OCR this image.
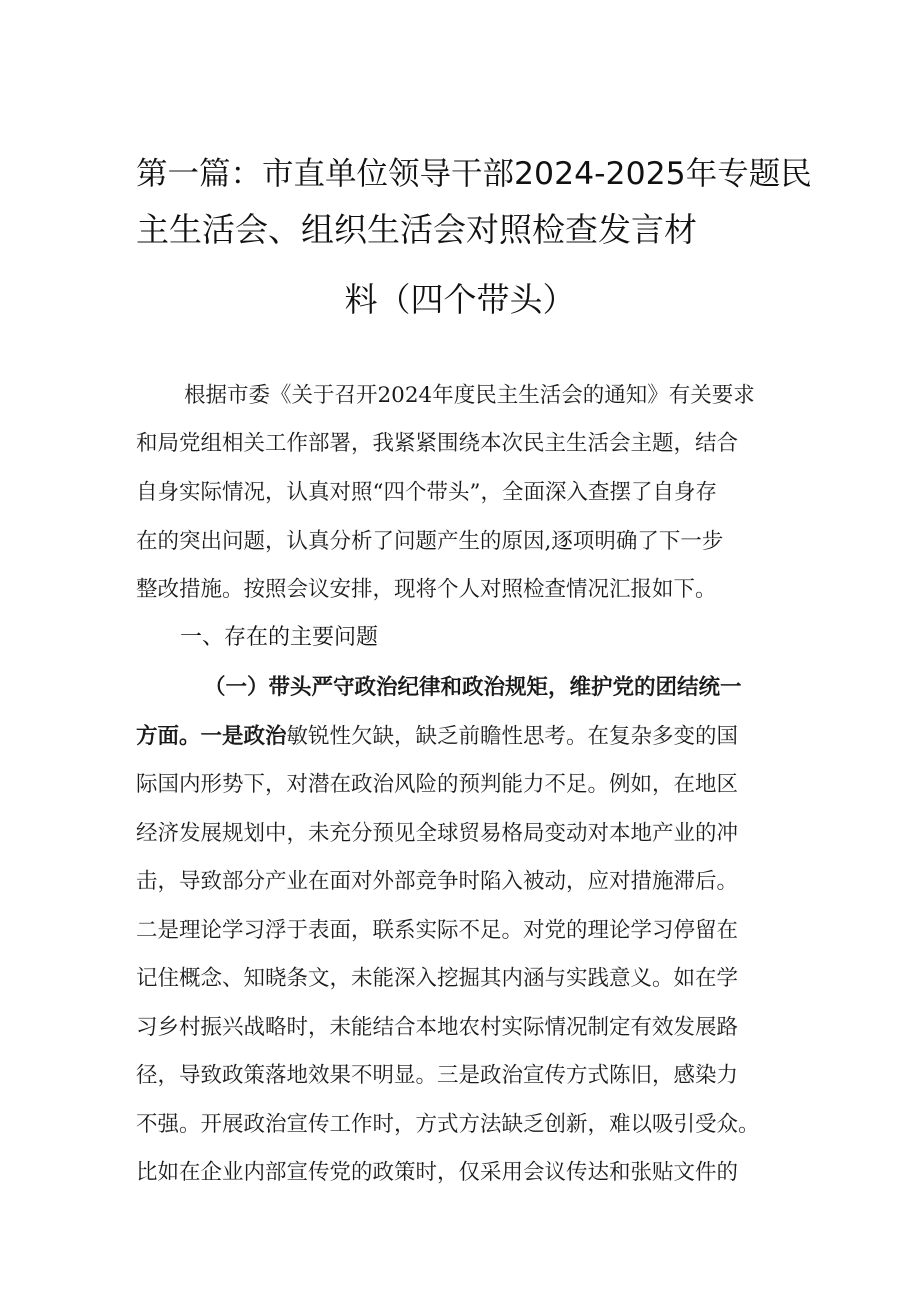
第一篇：市直单位领导干部2024-2025年专题民
主生活会、组织生活会对照检查发言材
料（四个带头）
根据市委《关于召开2024年度民主生活会的通知》有关要求
和局党组相关工作部署，我紧紧围绕本次民主生活会主题，结合
自身实际情况，认真对照“四个带头”，全面深入查摆了自身存
在的突出问题，认真分析了问题产生的原因,逐项明确了下一步
整改措施。按照会议安排，现将个人对照检查情况汇报如下。
一、存在的主要问题
（一）带头严守政治纪律和政治规矩，维护党的团结统一
方面。一是政治敏锐性欠缺，缺乏前瞻性思考。在复杂多变的国
际国内形势下，对潜在政治风险的预判能力不足。例如，在地区
经济发展规划中，未充分预见全球贸易格局变动对本地产业的冲
击，导致部分产业在面对外部竞争时陷入被动，应对措施滞后。
二是理论学习浮于表面，联系实际不足。对党的理论学习停留在
记住概念、知晓条文，未能深入挖掘其内涵与实践意义。如在学
习乡村振兴战略时，未能结合本地农村实际情况制定有效发展路
径，导致政策落地效果不明显。三是政治宣传方式陈旧，感染力
不强。开展政治宣传工作时，方式方法缺乏创新，难以吸引受众。
比如在企业内部宣传党的政策时，仅采用会议传达和张贴文件的
